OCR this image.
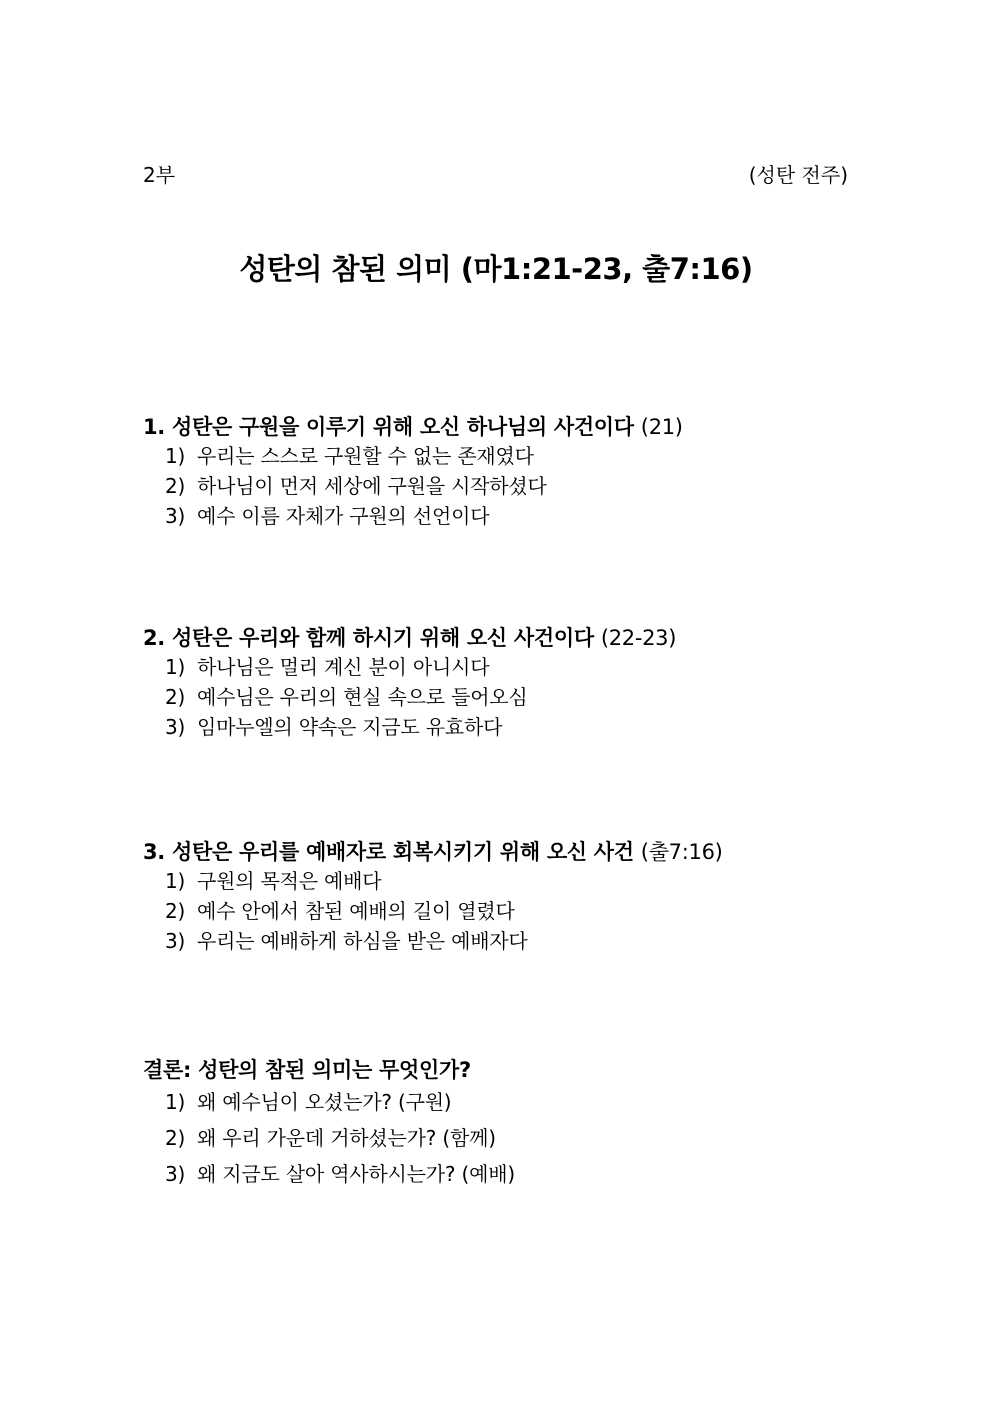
2부	(성탄 전주)
성탄의 참된 의미 (마1:21-23, 출7:16)
1. 성탄은 구원을 이루기 위해 오신 하나님의 사건이다 (21)
1) 우리는 스스로 구원할 수 없는 존재였다
2) 하나님이 먼저 세상에 구원을 시작하셨다
3) 예수 이름 자체가 구원의 선언이다
2. 성탄은 우리와 함께 하시기 위해 오신 사건이다 (22-23)
1) 하나님은 멀리 계신 분이 아니시다
2) 예수님은 우리의 현실 속으로 들어오심
3) 임마누엘의 약속은 지금도 유효하다
3. 성탄은 우리를 예배자로 회복시키기 위해 오신 사건 (출7:16)
1) 구원의 목적은 예배다
2) 예수 안에서 참된 예배의 길이 열렸다
3) 우리는 예배하게 하심을 받은 예배자다
결론: 성탄의 참된 의미는 무엇인가?
1) 왜 예수님이 오셨는가? (구원)
2) 왜 우리 가운데 거하셨는가? (함께)
3) 왜 지금도 살아 역사하시는가? (예배)
